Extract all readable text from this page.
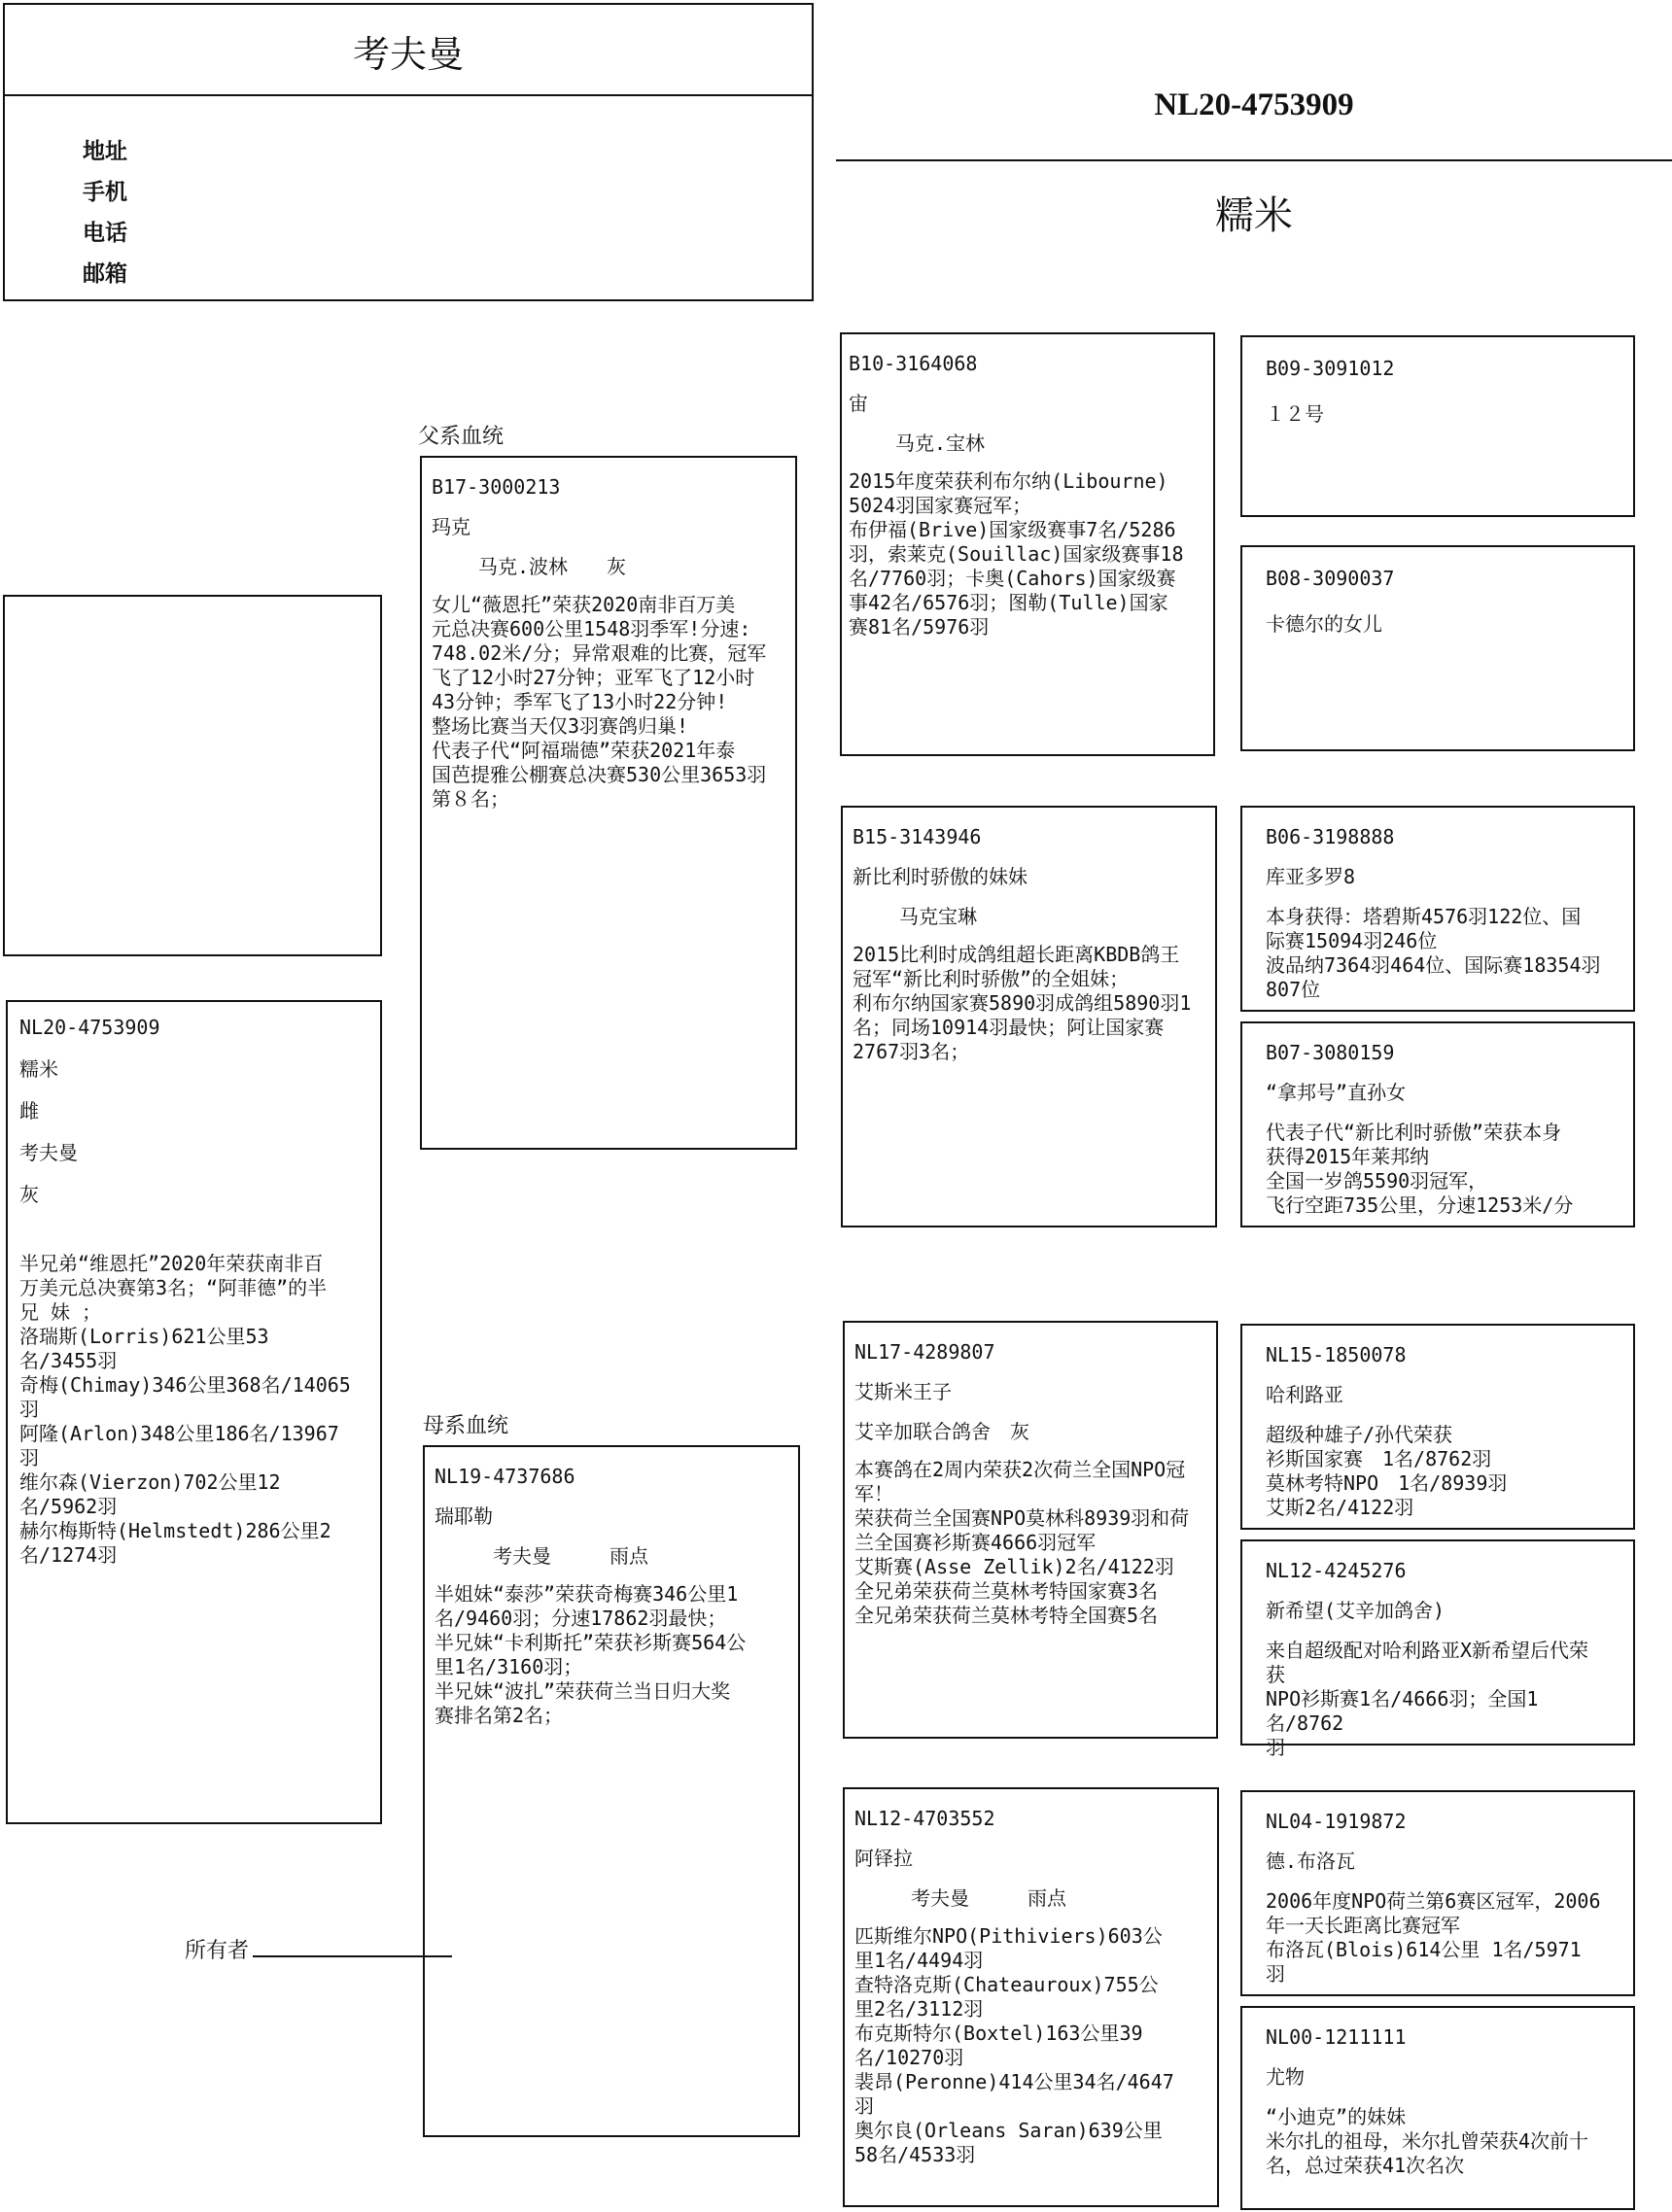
考夫曼
地址
手机
电话
邮箱
NL20-4753909
糯米
NL20-4753909
糯米
雌
考夫曼
灰
半兄弟“维恩托”2020年荣获南非百
万美元总决赛第3名；“阿菲德”的半
兄 妹 ；
洛瑞斯(Lorris)621公里53
名/3455羽
奇梅(Chimay)346公里368名/14065
羽
阿隆(Arlon)348公里186名/13967
羽
维尔森(Vierzon)702公里12
名/5962羽
赫尔梅斯特(Helmstedt)286公里2
名/1274羽
父系血统
母系血统
B17-3000213
玛克
马克.波林　　灰
女儿“薇恩托”荣获2020南非百万美
元总决赛600公里1548羽季军!分速:
748.02米/分；异常艰难的比赛，冠军
飞了12小时27分钟；亚军飞了12小时
43分钟；季军飞了13小时22分钟!
整场比赛当天仅3羽赛鸽归巢!
代表子代“阿福瑞德”荣获2021年泰
国芭提雅公棚赛总决赛530公里3653羽
第８名；
NL19-4737686
瑞耶勒
考夫曼　　　雨点
半姐妹“泰莎”荣获奇梅赛346公里1
名/9460羽；分速17862羽最快；
半兄妹“卡利斯托”荣获衫斯赛564公
里1名/3160羽；
半兄妹“波扎”荣获荷兰当日归大奖
赛排名第2名；
B10-3164068
宙
马克.宝林
2015年度荣获利布尔纳(Libourne)
5024羽国家赛冠军；
布伊福(Brive)国家级赛事7名/5286
羽，索莱克(Souillac)国家级赛事18
名/7760羽；卡奥(Cahors)国家级赛
事42名/6576羽；图勒(Tulle)国家
赛81名/5976羽
B15-3143946
新比利时骄傲的妹妹
马克宝琳
2015比利时成鸽组超长距离KBDB鸽王
冠军“新比利时骄傲”的全姐妹；
利布尔纳国家赛5890羽成鸽组5890羽1
名；同场10914羽最快；阿让国家赛
2767羽3名；
NL17-4289807
艾斯米王子
艾辛加联合鸽舍　灰
本赛鸽在2周内荣获2次荷兰全国NPO冠
军！
荣获荷兰全国赛NPO莫林科8939羽和荷
兰全国赛衫斯赛4666羽冠军
艾斯赛(Asse Zellik)2名/4122羽
全兄弟荣获荷兰莫林考特国家赛3名
全兄弟荣获荷兰莫林考特全国赛5名
NL12-4703552
阿铎拉
考夫曼　　　雨点
匹斯维尔NPO(Pithiviers)603公
里1名/4494羽
查特洛克斯(Chateauroux)755公
里2名/3112羽
布克斯特尔(Boxtel)163公里39
名/10270羽
裴昂(Peronne)414公里34名/4647
羽
奥尔良(Orleans Saran)639公里
58名/4533羽
B09-3091012
１２号
B08-3090037
卡德尔的女儿
B06-3198888
库亚多罗8
本身获得：塔碧斯4576羽122位、国
际赛15094羽246位
波品纳7364羽464位、国际赛18354羽
807位
B07-3080159
“拿邦号”直孙女
代表子代“新比利时骄傲”荣获本身
获得2015年莱邦纳
全国一岁鸽5590羽冠军，
飞行空距735公里，分速1253米/分
NL15-1850078
哈利路亚
超级种雄子/孙代荣获
衫斯国家赛　1名/8762羽
莫林考特NPO　1名/8939羽
艾斯2名/4122羽
NL12-4245276
新希望(艾辛加鸽舍)
来自超级配对哈利路亚X新希望后代荣
获
NPO衫斯赛1名/4666羽；全国1名/8762
羽
NL04-1919872
德.布洛瓦
2006年度NPO荷兰第6赛区冠军，2006
年一天长距离比赛冠军
布洛瓦(Blois)614公里 1名/5971
羽
NL00-1211111
尤物
“小迪克”的妹妹
米尔扎的祖母，米尔扎曾荣获4次前十
名，总过荣获41次名次
所有者
